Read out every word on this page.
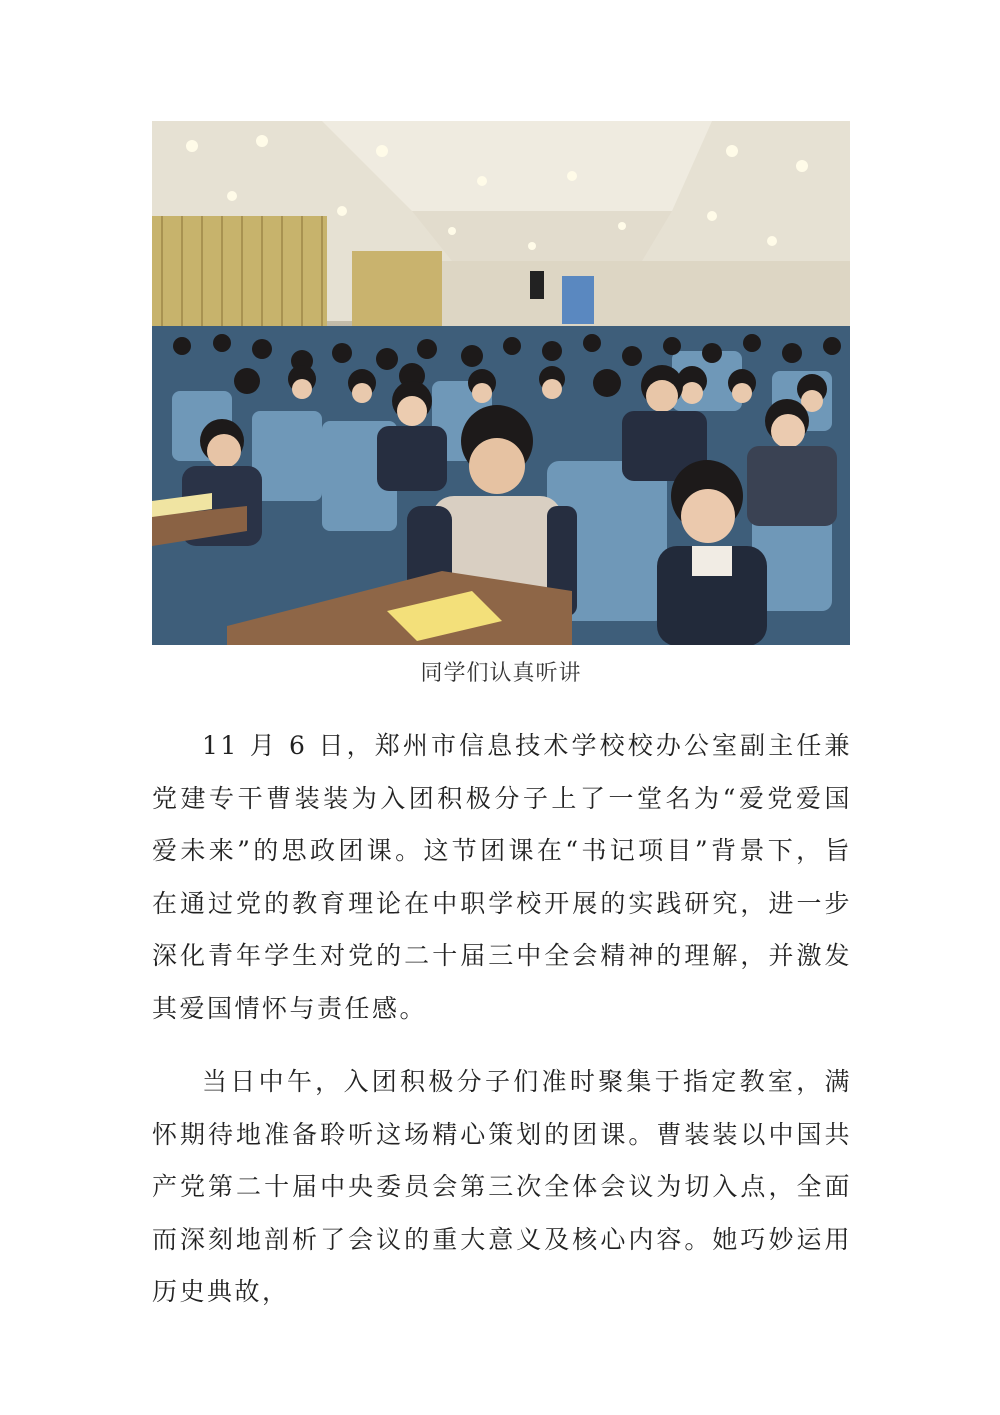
同学们认真听讲

11 月 6 日，郑州市信息技术学校校办公室副主任兼党建专干曹装装为入团积极分子上了一堂名为“爱党爱国爱未来”的思政团课。这节团课在“书记项目”背景下，旨在通过党的教育理论在中职学校开展的实践研究，进一步深化青年学生对党的二十届三中全会精神的理解，并激发其爱国情怀与责任感。

当日中午，入团积极分子们准时聚集于指定教室，满怀期待地准备聆听这场精心策划的团课。曹装装以中国共产党第二十届中央委员会第三次全体会议为切入点，全面而深刻地剖析了会议的重大意义及核心内容。她巧妙运用历史典故，
